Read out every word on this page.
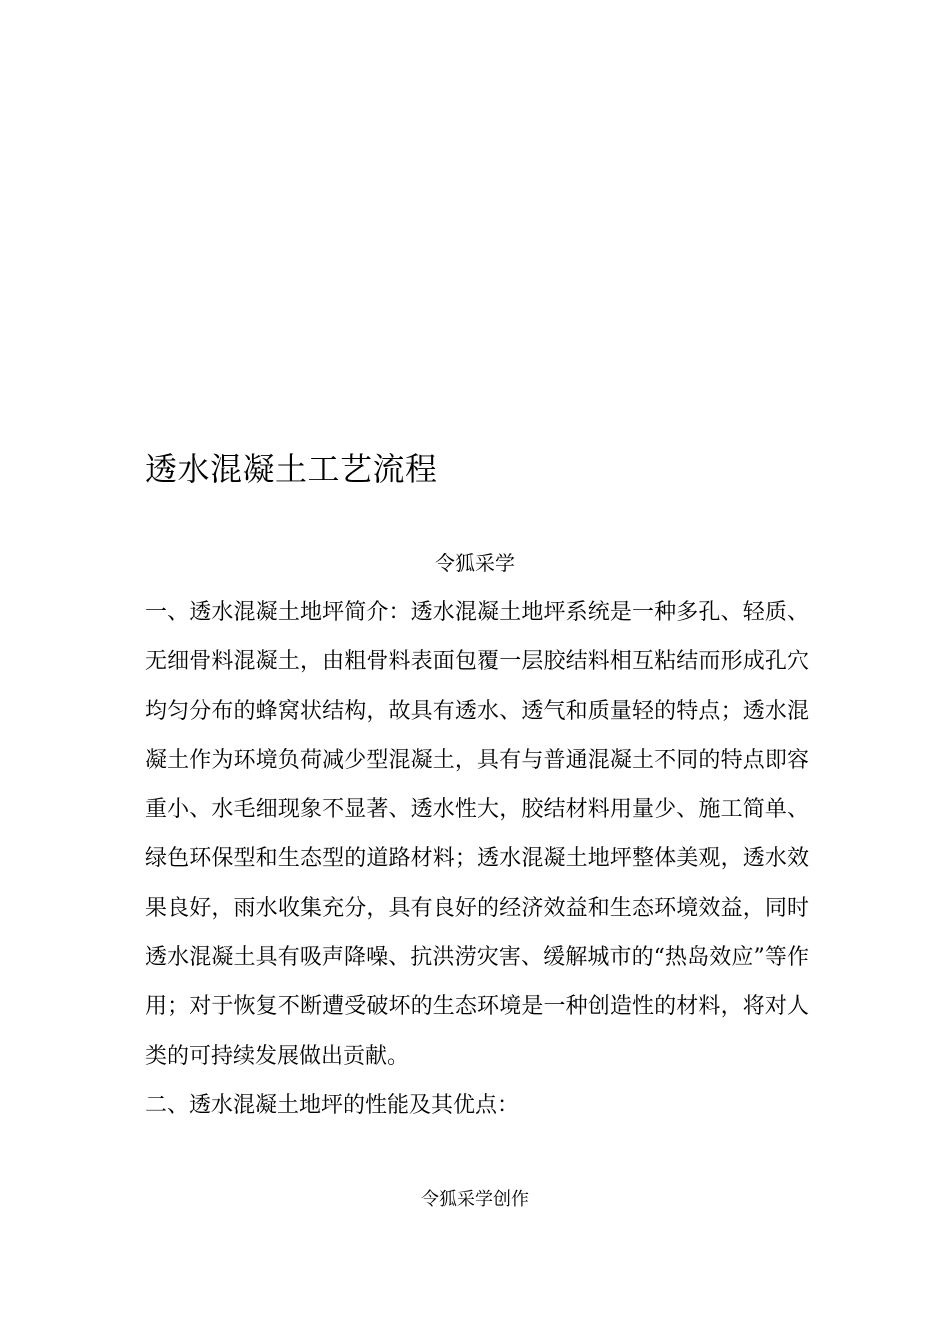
透水混凝土工艺流程
令狐采学

一、透水混凝土地坪简介：透水混凝土地坪系统是一种多孔、轻质、无细骨料混凝土，由粗骨料表面包覆一层胶结料相互粘结而形成孔穴均匀分布的蜂窝状结构，故具有透水、透气和质量轻的特点；透水混凝土作为环境负荷减少型混凝土，具有与普通混凝土不同的特点即容重小、水毛细现象不显著、透水性大，胶结材料用量少、施工简单、绿色环保型和生态型的道路材料；透水混凝土地坪整体美观，透水效果良好，雨水收集充分，具有良好的经济效益和生态环境效益，同时透水混凝土具有吸声降噪、抗洪涝灾害、缓解城市的“热岛效应”等作用；对于恢复不断遭受破坏的生态环境是一种创造性的材料，将对人类的可持续发展做出贡献。

二、透水混凝土地坪的性能及其优点：

令狐采学创作
